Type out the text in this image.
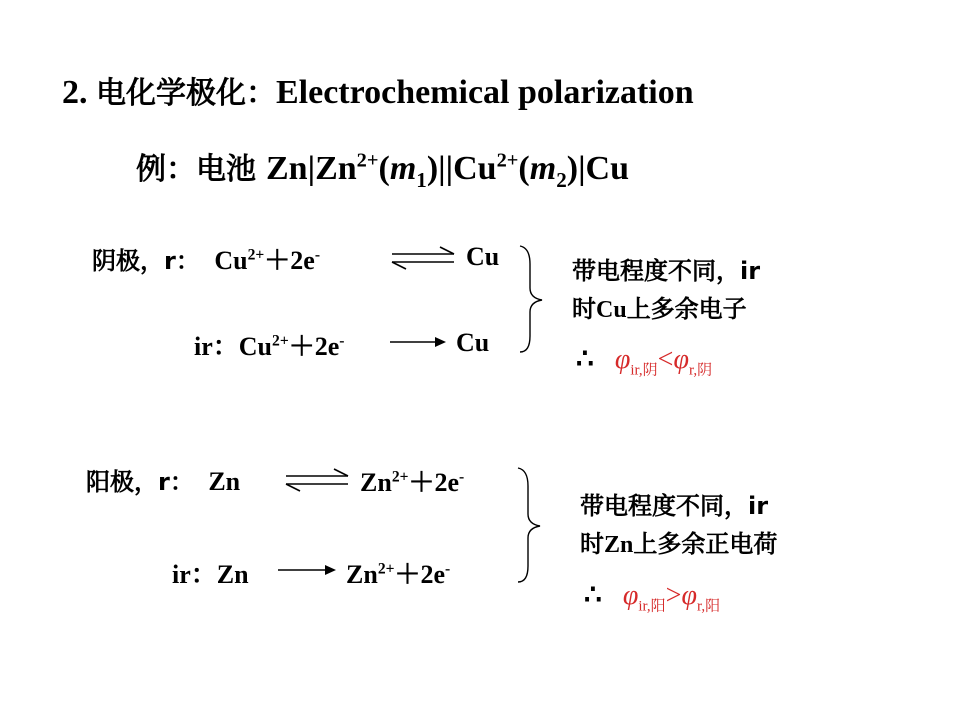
2. 电化学极化：Electrochemical polarization
例：电池 $Zn|Zn^{2+}(m_1)||Cu^{2+}(m_2)|Cu$
阴极，r： $Cu^{2+}+2e^-$	Cu
ir：$Cu^{2+}+2e^-$	Cu
带电程度不同，ir
时Cu上多余电子
∴ $\varphi_{ir,阴}<\varphi_{r,阴}$
阳极，r： Zn	$Zn^{2+}+2e^-$
ir：Zn	$Zn^{2+}+2e^-$
带电程度不同，ir
时Zn上多余正电荷
∴ $\varphi_{ir,阳}>\varphi_{r,阳}$
